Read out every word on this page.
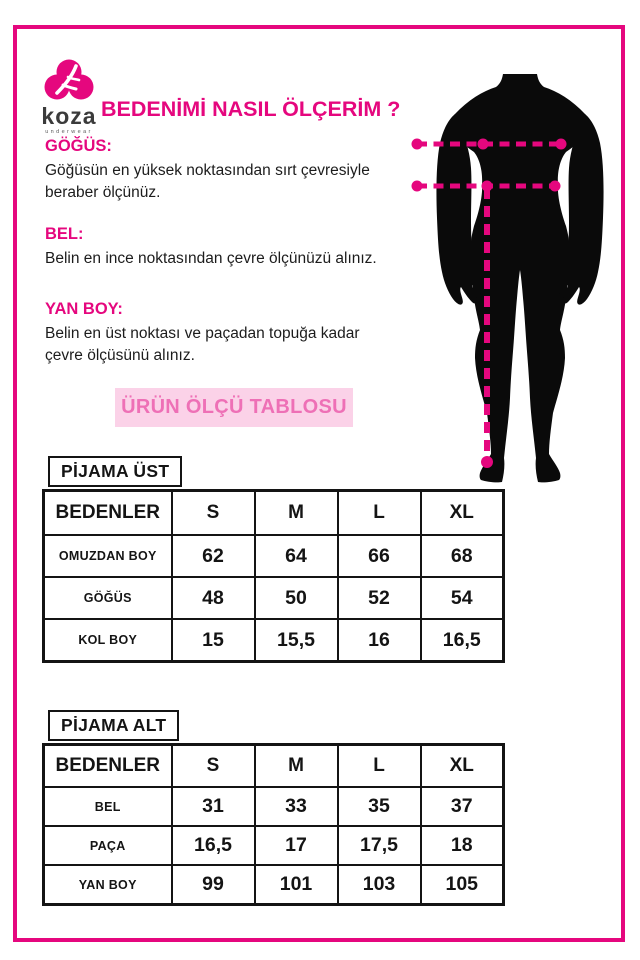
koza
underwear
BEDENİMİ NASIL ÖLÇERİM ?
GÖĞÜS:
Göğüsün en yüksek noktasından sırt çevresiyle
beraber ölçünüz.
BEL:
Belin en ince noktasından çevre ölçünüzü alınız.
YAN BOY:
Belin en üst noktası ve paçadan topuğa kadar
çevre ölçüsünü alınız.
ÜRÜN ÖLÇÜ TABLOSU
PİJAMA ÜST
BEDENLER	S	M	L	XL
OMUZDAN BOY	62	64	66	68
GÖĞÜS	48	50	52	54
KOL BOY	15	15,5	16	16,5
PİJAMA ALT
BEDENLER	S	M	L	XL
BEL	31	33	35	37
PAÇA	16,5	17	17,5	18
YAN BOY	99	101	103	105
